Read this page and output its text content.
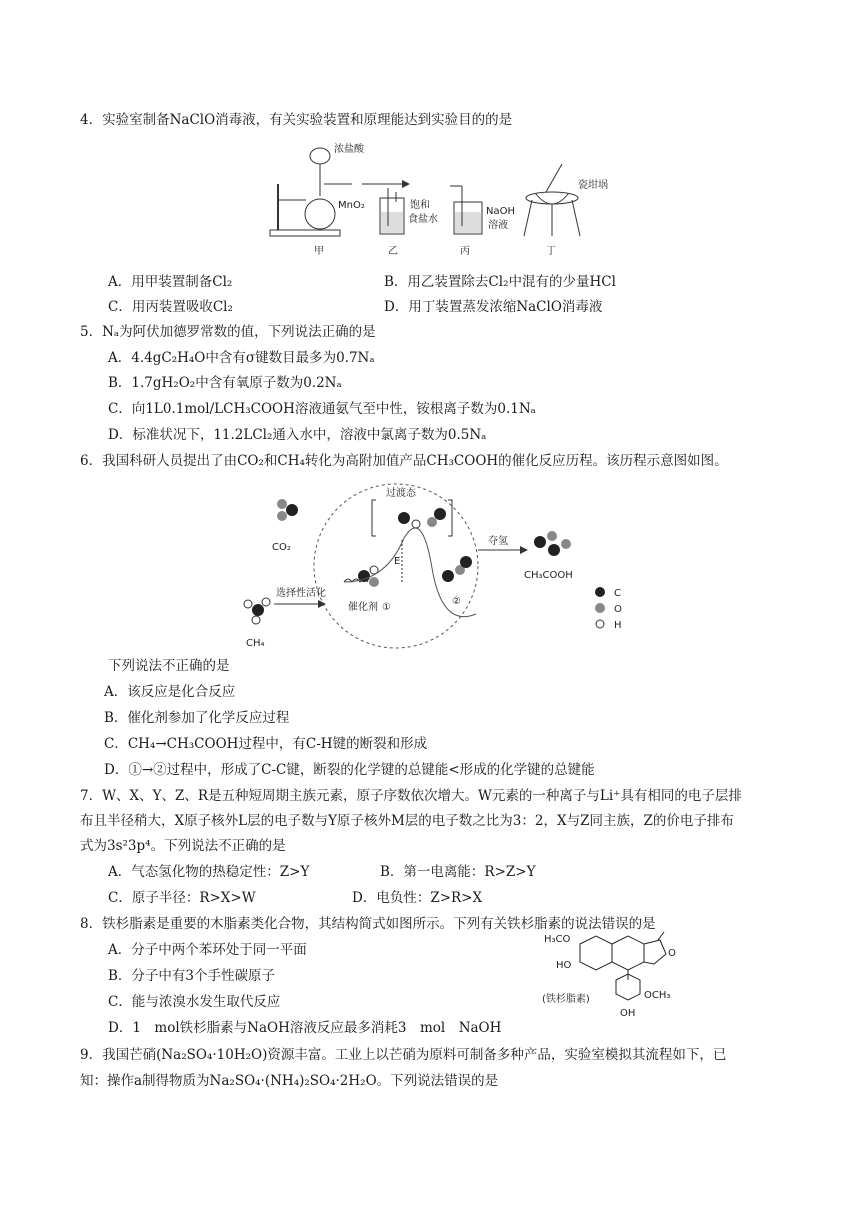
4．实验室制备NaClO消毒液，有关实验装置和原理能达到实验目的的是
浓盐酸
MnO₂
甲
饱和
食盐水
乙
NaOH
溶液
丙
瓷坩埚
丁
A．用甲装置制备Cl₂	B．用乙装置除去Cl₂中混有的少量HCl
C．用丙装置吸收Cl₂	D．用丁装置蒸发浓缩NaClO消毒液
5．Nₐ为阿伏加德罗常数的值，下列说法正确的是
A．4.4gC₂H₄O中含有σ键数目最多为0.7Nₐ
B．1.7gH₂O₂中含有氧原子数为0.2Nₐ
C．向1L0.1mol/LCH₃COOH溶液通氨气至中性，铵根离子数为0.1Nₐ
D．标准状况下，11.2LCl₂通入水中，溶液中氯离子数为0.5Nₐ
6．我国科研人员提出了由CO₂和CH₄转化为高附加值产品CH₃COOH的催化反应历程。该历程示意图如图。
CO₂
CH₄
选择性活化
催化剂 ①
E
过渡态
②
夺氢
CH₃COOH
C
O
H
下列说法不正确的是
A．该反应是化合反应
B．催化剂参加了化学反应过程
C．CH₄→CH₃COOH过程中，有C-H键的断裂和形成
D．①→②过程中，形成了C-C键，断裂的化学键的总键能<形成的化学键的总键能
7．W、X、Y、Z、R是五种短周期主族元素，原子序数依次增大。W元素的一种离子与Li⁺具有相同的电子层排
布且半径稍大，X原子核外L层的电子数与Y原子核外M层的电子数之比为3：2，X与Z同主族，Z的价电子排布
式为3s²3p⁴。下列说法不正确的是
A．气态氢化物的热稳定性：Z>Y	B．第一电离能：R>Z>Y
C．原子半径：R>X>W	D．电负性：Z>R>X
8．铁杉脂素是重要的木脂素类化合物，其结构简式如图所示。下列有关铁杉脂素的说法错误的是
O
H₃CO
HO
(铁杉脂素)	OCH₃
OH
A．分子中两个苯环处于同一平面
B．分子中有3个手性碳原子
C．能与浓溴水发生取代反应
D．1　mol铁杉脂素与NaOH溶液反应最多消耗3　mol　NaOH
9．我国芒硝(Na₂SO₄·10H₂O)资源丰富。工业上以芒硝为原料可制备多种产品，实验室模拟其流程如下，已
知：操作a制得物质为Na₂SO₄·(NH₄)₂SO₄·2H₂O。下列说法错误的是
